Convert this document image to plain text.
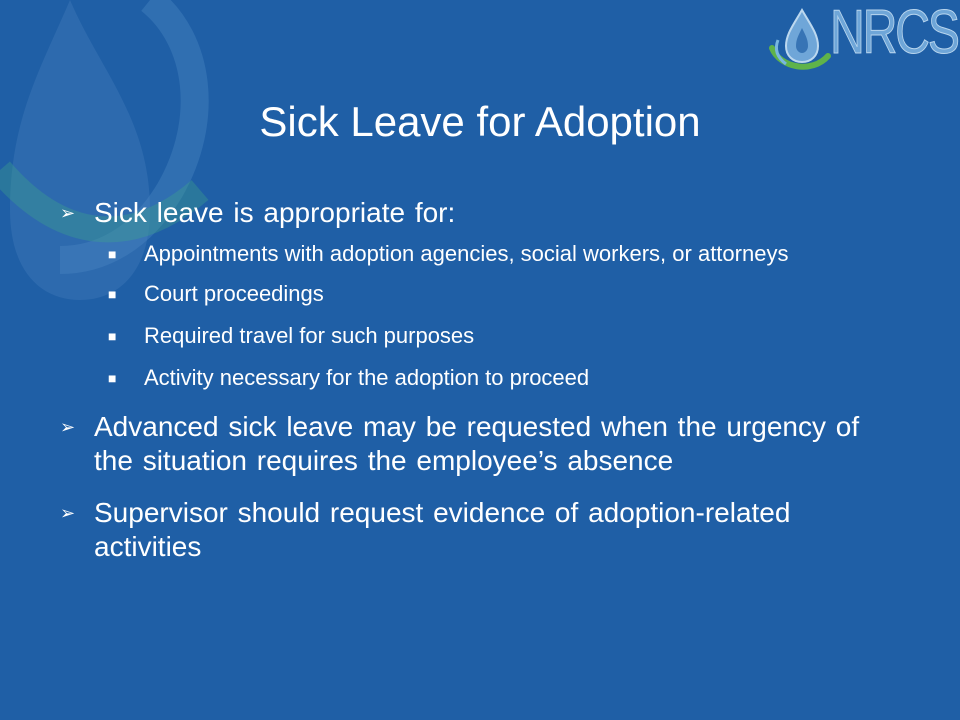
NRCS
Sick Leave for Adoption
➢ Sick leave is appropriate for:
■	Appointments with adoption agencies, social workers, or attorneys
■	Court proceedings
■	Required travel for such purposes
■	Activity necessary for the adoption to proceed
➢ Advanced sick leave may be requested when the urgency of the situation requires the employee’s absence
➢ Supervisor should request evidence of adoption-related activities
